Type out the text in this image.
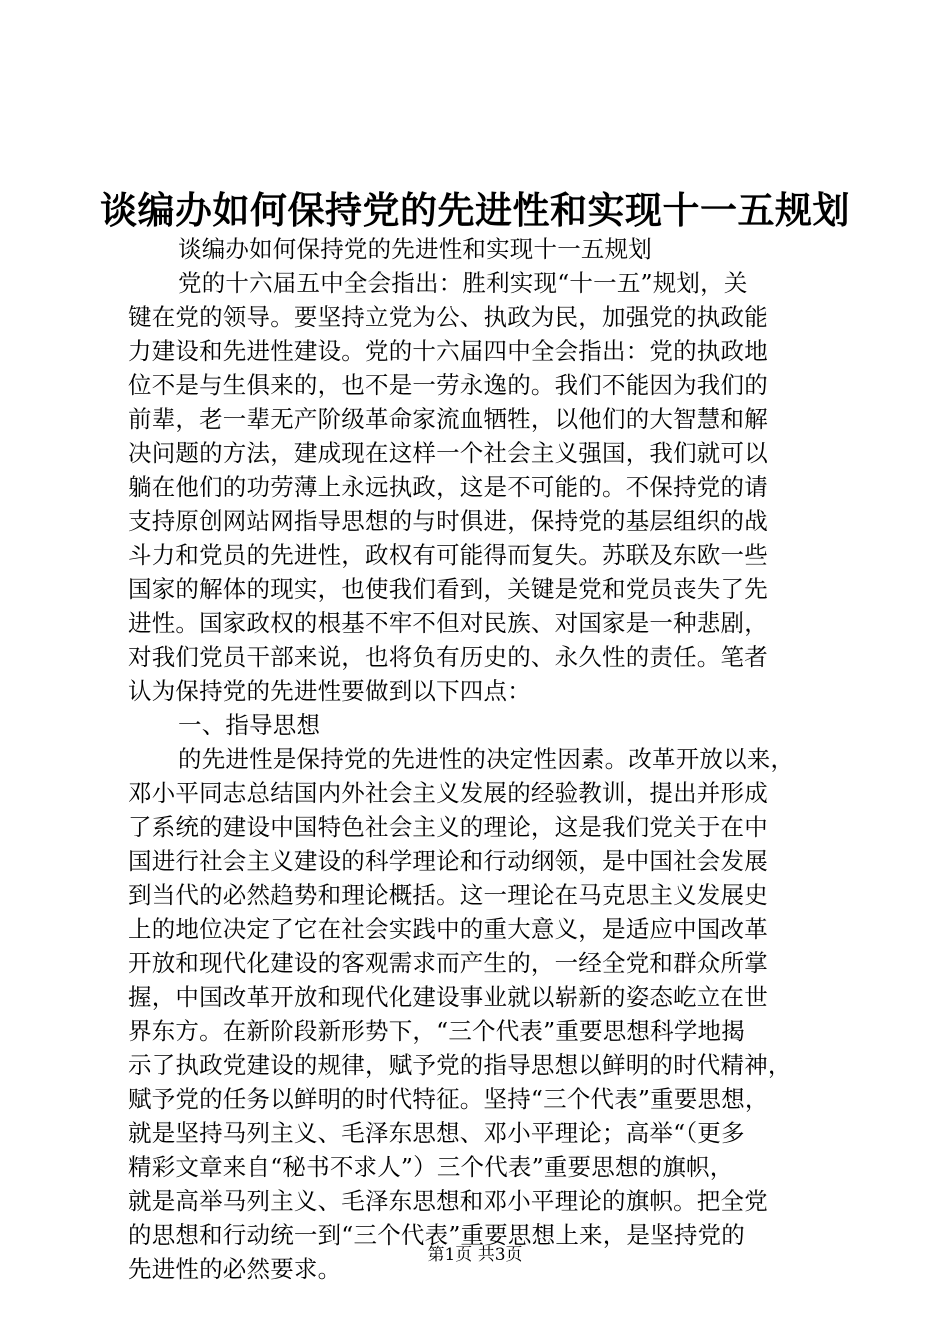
谈编办如何保持党的先进性和实现十一五规划
谈编办如何保持党的先进性和实现十一五规划
党的十六届五中全会指出：胜利实现“十一五”规划，关
键在党的领导。要坚持立党为公、执政为民，加强党的执政能
力建设和先进性建设。党的十六届四中全会指出：党的执政地
位不是与生俱来的，也不是一劳永逸的。我们不能因为我们的
前辈，老一辈无产阶级革命家流血牺牲，以他们的大智慧和解
决问题的方法，建成现在这样一个社会主义强国，我们就可以
躺在他们的功劳薄上永远执政，这是不可能的。不保持党的请
支持原创网站网指导思想的与时俱进，保持党的基层组织的战
斗力和党员的先进性，政权有可能得而复失。苏联及东欧一些
国家的解体的现实，也使我们看到，关键是党和党员丧失了先
进性。国家政权的根基不牢不但对民族、对国家是一种悲剧，
对我们党员干部来说，也将负有历史的、永久性的责任。笔者
认为保持党的先进性要做到以下四点：
一、指导思想
的先进性是保持党的先进性的决定性因素。改革开放以来，
邓小平同志总结国内外社会主义发展的经验教训，提出并形成
了系统的建设中国特色社会主义的理论，这是我们党关于在中
国进行社会主义建设的科学理论和行动纲领，是中国社会发展
到当代的必然趋势和理论概括。这一理论在马克思主义发展史
上的地位决定了它在社会实践中的重大意义，是适应中国改革
开放和现代化建设的客观需求而产生的，一经全党和群众所掌
握，中国改革开放和现代化建设事业就以崭新的姿态屹立在世
界东方。在新阶段新形势下，“三个代表”重要思想科学地揭
示了执政党建设的规律，赋予党的指导思想以鲜明的时代精神，
赋予党的任务以鲜明的时代特征。坚持“三个代表”重要思想，
就是坚持马列主义、毛泽东思想、邓小平理论；高举“（更多
精彩文章来自“秘书不求人”）三个代表”重要思想的旗帜，
就是高举马列主义、毛泽东思想和邓小平理论的旗帜。把全党
的思想和行动统一到“三个代表”重要思想上来，是坚持党的
先进性的必然要求。	第1页 共3页
